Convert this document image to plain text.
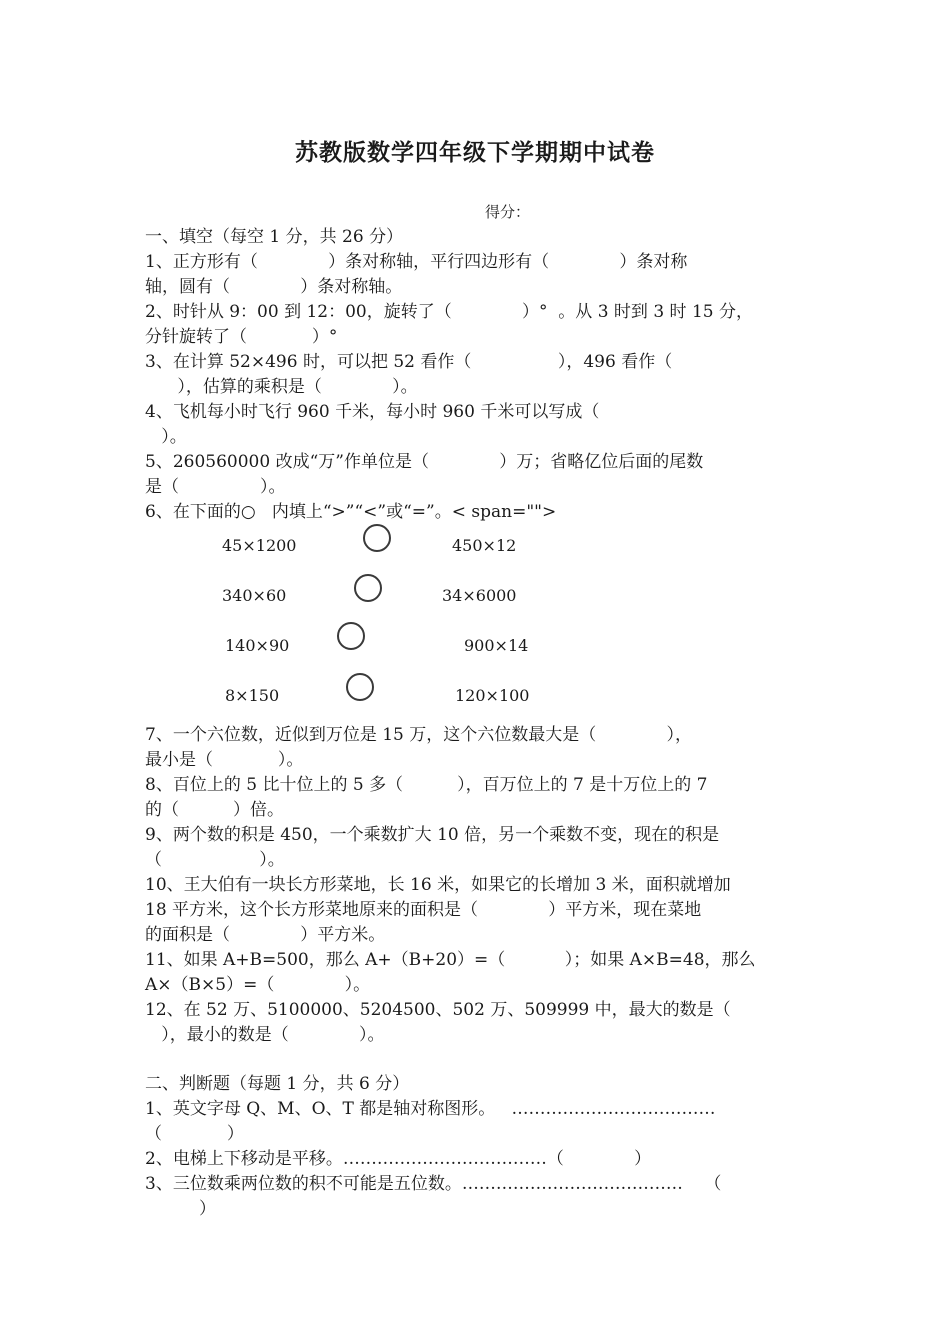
苏教版数学四年级下学期期中试卷
得分：
一、填空（每空 1 分，共 26 分）
1、正方形有（             ）条对称轴，平行四边形有（             ）条对称
轴，圆有（             ）条对称轴。
2、时针从 9：00 到 12：00，旋转了（             ）°  。从 3 时到 3 时 15 分，
分针旋转了（            ）°
3、在计算 52×496 时，可以把 52 看作（                ），496 看作（
），估算的乘积是（             ）。
4、飞机每小时飞行 960 千米，每小时 960 千米可以写成（
）。
5、260560000 改成“万”作单位是（             ）万；省略亿位后面的尾数
是（               ）。
6、在下面的○   内填上“>”“<”或“=”。< span="">
45×1200	450×12
340×60	34×6000
140×90	900×14
8×150	120×100
7、一个六位数，近似到万位是 15 万，这个六位数最大是（             ），
最小是（            ）。
8、百位上的 5 比十位上的 5 多（          ），百万位上的 7 是十万位上的 7
的（          ）倍。
9、两个数的积是 450，一个乘数扩大 10 倍，另一个乘数不变，现在的积是
（                  ）。
10、王大伯有一块长方形菜地，长 16 米，如果它的长增加 3 米，面积就增加
18 平方米，这个长方形菜地原来的面积是（             ）平方米，现在菜地
的面积是（             ）平方米。
11、如果 A+B=500，那么 A+（B+20）=（           ）；如果 A×B=48，那么
A×（B×5）=（             ）。
12、在 52 万、5100000、5204500、502 万、509999 中，最大的数是（
），最小的数是（             ）。
二、判断题（每题 1 分，共 6 分）
1、英文字母 Q、M、O、T 都是轴对称图形。   ………………………………
（            ）
2、电梯上下移动是平移。………………………………（             ）
3、三位数乘两位数的积不可能是五位数。…………………………………    （
）
